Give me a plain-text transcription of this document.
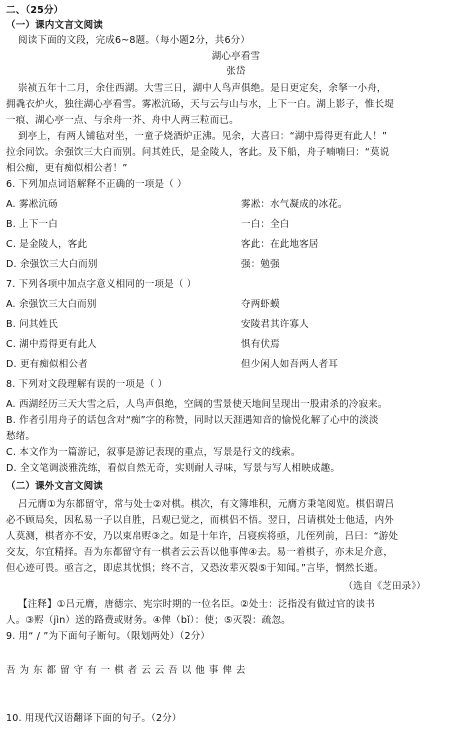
二、（25分）
（一）课内文言文阅读
阅读下面的文段，完成6~8题。（每小题2分，共6分）
湖心亭看雪
张岱
崇祯五年十二月，余住西湖。大雪三日，湖中人鸟声俱绝。是日更定矣，余拏一小舟，
拥毳衣炉火，独往湖心亭看雪。雾凇沆砀，天与云与山与水，上下一白。湖上影子，惟长堤
一痕、湖心亭一点、与余舟一芥、舟中人两三粒而已。
到亭上，有两人铺毡对坐，一童子烧酒炉正沸。见余，大喜曰：“湖中焉得更有此人！”
拉余同饮。余强饮三大白而别。问其姓氏，是金陵人，客此。及下船，舟子喃喃曰：“莫说
相公痴，更有痴似相公者！”
6. 下列加点词语解释不正确的一项是（ ）
A. 雾凇沆砀	雾凇：水气凝成的冰花。
B. 上下一白	一白：全白
C. 是金陵人，客此	客此：在此地客居
D. 余强饮三大白而别	强：勉强
7. 下列各项中加点字意义相同的一项是（ ）
A. 余强饮三大白而别	夺两虾蟆
B. 问其姓氏	安陵君其许寡人
C. 湖中焉得更有此人	惧有伏焉
D. 更有痴似相公者	但少闲人如吾两人者耳
8. 下列对文段理解有误的一项是（ ）
A. 西湖经历三天大雪之后，人鸟声俱绝，空阔的雪景使天地间呈现出一股肃杀的冷寂来。
B. 作者引用舟子的话包含对“痴”字的称赞，同时以天涯遇知音的愉悦化解了心中的淡淡
愁绪。
C. 本文作为一篇游记，叙事是游记表现的重点，写景是行文的线索。
D. 全文笔调淡雅洗练，看似自然无奇，实则耐人寻味，写景与写人相映成趣。
（二）课外文言文阅读
吕元膺①为东都留守，常与处士②对棋。棋次，有文簿堆积，元膺方秉笔阅览。棋侣谓吕
必不顾局矣，因私易一子以自胜，吕观已觉之，而棋侣不悟。翌日，吕请棋处士他适，内外
人莫测，棋者亦不安，乃以束帛赆③之。如是十年许，吕寝疾将亟，儿侄列前，吕曰：“游处
交友，尔宜精择。吾为东都留守有一棋者云云吾以他事俾④去。易一着棋子，亦未足介意，
但心迹可畏。亟言之，即虑其忧惧；终不言，又恐汝辈灭裂⑤于知闻。”言毕，惘然长逝。
（选自《芝田录》）
【注释】①吕元膺，唐德宗、宪宗时期的一位名臣。②处士：泛指没有做过官的读书
人。③赆（jìn）送的路费或财务。④俾（bǐ）：使；⑤灭裂：疏忽。
9. 用“ / ”为下面句子断句。（限划两处）（2分）
吾 为 东 都 留 守 有 一 棋 者 云 云 吾 以 他 事 俾 去
10. 用现代汉语翻译下面的句子。（2分）
